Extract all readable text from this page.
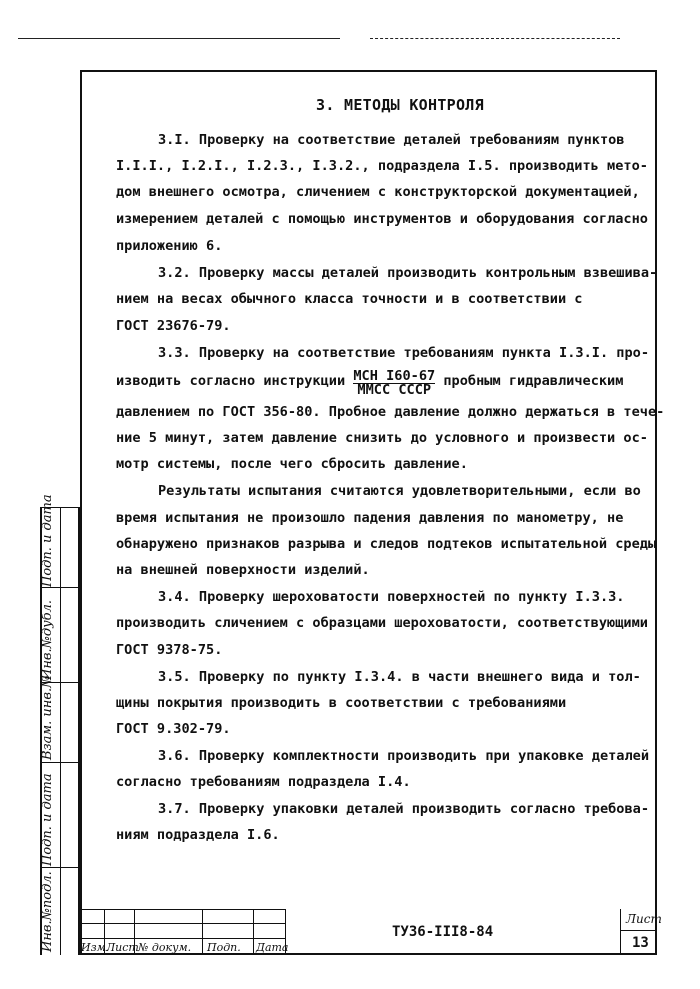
3. МЕТОДЫ КОНТРОЛЯ
3.I. Проверку на соответствие деталей требованиям пунктов
I.I.I., I.2.I., I.2.3., I.3.2., подраздела I.5. производить мето-
дом внешнего осмотра, сличением с конструкторской документацией,
измерением деталей с помощью инструментов и оборудования согласно
приложению 6.
3.2. Проверку массы деталей производить контрольным взвешива-
нием на весах обычного класса точности и в соответствии с
ГОСТ 23676-79.
3.3. Проверку на соответствие требованиям пункта I.3.I. про-
изводить согласно инструкции $\frac{\text{МСН I60-67}}{\text{ММСС СССР}}$ пробным гидравлическим
давлением по ГОСТ 356-80. Пробное давление должно держаться в тече-
ние 5 минут, затем давление снизить до условного и произвести ос-
мотр системы, после чего сбросить давление.
Результаты испытания считаются удовлетворительными, если во
время испытания не произошло падения давления по манометру, не
обнаружено признаков разрыва и следов подтеков испытательной среды
на внешней поверхности изделий.
3.4. Проверку шероховатости поверхностей по пункту I.3.3.
производить сличением с образцами шероховатости, соответствующими
ГОСТ 9378-75.
3.5. Проверку по пункту I.3.4. в части внешнего вида и тол-
щины покрытия производить в соответствии с требованиями
ГОСТ 9.302-79.
3.6. Проверку комплектности производить при упаковке деталей
согласно требованиям подраздела I.4.
3.7. Проверку упаковки деталей производить согласно требова-
ниям подраздела I.6.
Подп. и дата
Инв.№дубл.
Взам. инв.№
Подп. и дата
Инв.№подл. Изм.
Лист № докум. Подп. Дата
ТУ36-III8-84
Лист
13
